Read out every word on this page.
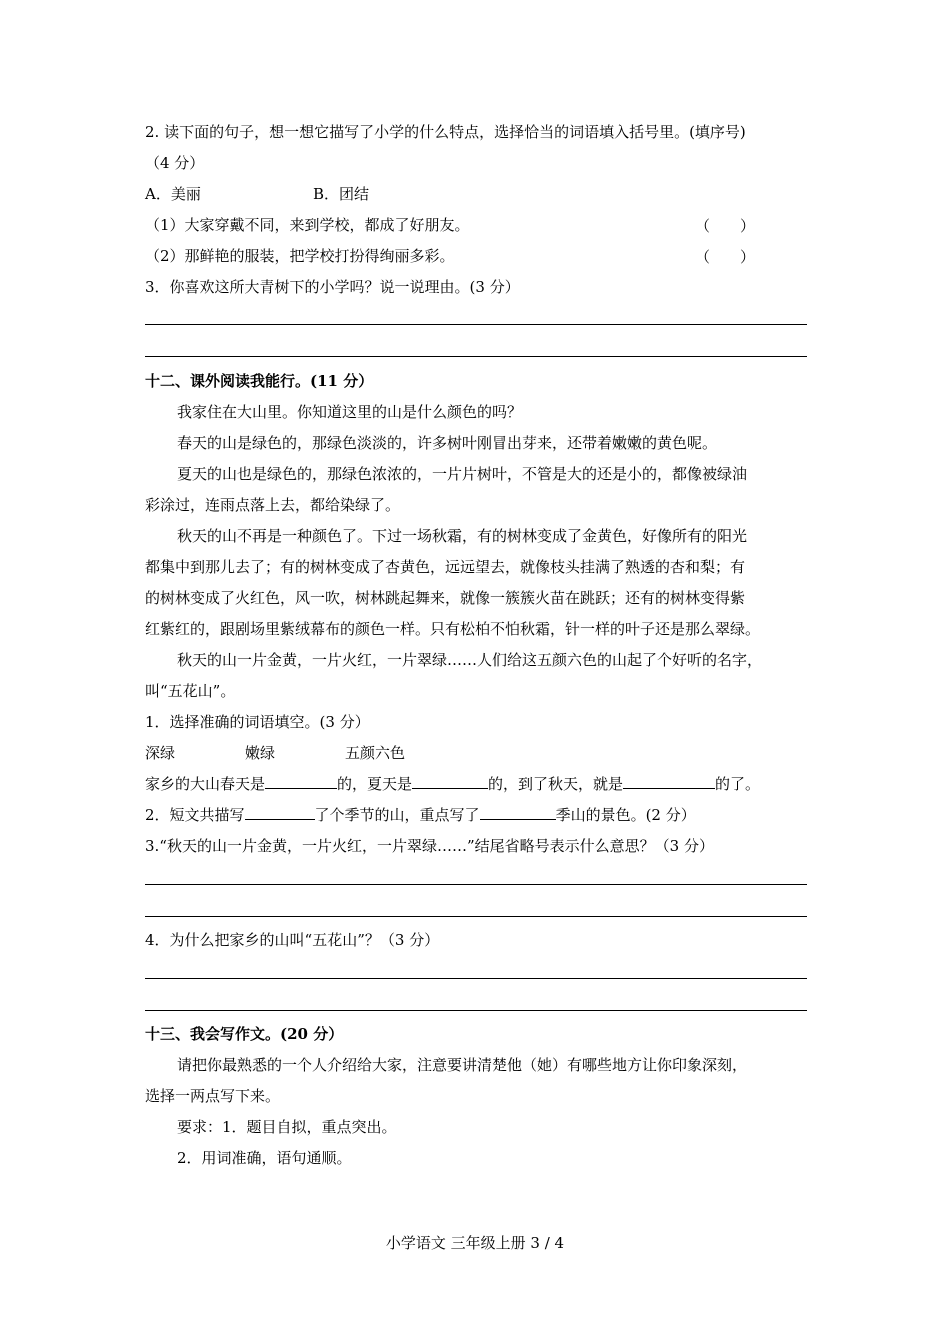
2. 读下面的句子，想一想它描写了小学的什么特点，选择恰当的词语填入括号里。(填序号)
（4 分）
A．美丽	B．团结
（1）大家穿戴不同，来到学校，都成了好朋友。	（　　）
（2）那鲜艳的服装，把学校打扮得绚丽多彩。	（　　）
3．你喜欢这所大青树下的小学吗？说一说理由。(3 分）
十二、课外阅读我能行。(11 分）
我家住在大山里。你知道这里的山是什么颜色的吗？
春天的山是绿色的，那绿色淡淡的，许多树叶刚冒出芽来，还带着嫩嫩的黄色呢。
夏天的山也是绿色的，那绿色浓浓的，一片片树叶，不管是大的还是小的，都像被绿油
彩涂过，连雨点落上去，都给染绿了。
秋天的山不再是一种颜色了。下过一场秋霜，有的树林变成了金黄色，好像所有的阳光
都集中到那儿去了；有的树林变成了杏黄色，远远望去，就像枝头挂满了熟透的杏和梨；有
的树林变成了火红色，风一吹，树林跳起舞来，就像一簇簇火苗在跳跃；还有的树林变得紫
红紫红的，跟剧场里紫绒幕布的颜色一样。只有松柏不怕秋霜，针一样的叶子还是那么翠绿。
秋天的山一片金黄，一片火红，一片翠绿……人们给这五颜六色的山起了个好听的名字，
叫“五花山”。
1．选择准确的词语填空。(3 分）
深绿	嫩绿	五颜六色
家乡的大山春天是	的，夏天是	的，到了秋天，就是	的了。
2．短文共描写	了个季节的山，重点写了	季山的景色。(2 分）
3.“秋天的山一片金黄，一片火红，一片翠绿……”结尾省略号表示什么意思？（3 分）
4．为什么把家乡的山叫“五花山”？（3 分）
十三、我会写作文。(20 分）
请把你最熟悉的一个人介绍给大家，注意要讲清楚他（她）有哪些地方让你印象深刻，
选择一两点写下来。
要求：1．题目自拟，重点突出。
2．用词准确，语句通顺。
小学语文 三年级上册 3 / 4
